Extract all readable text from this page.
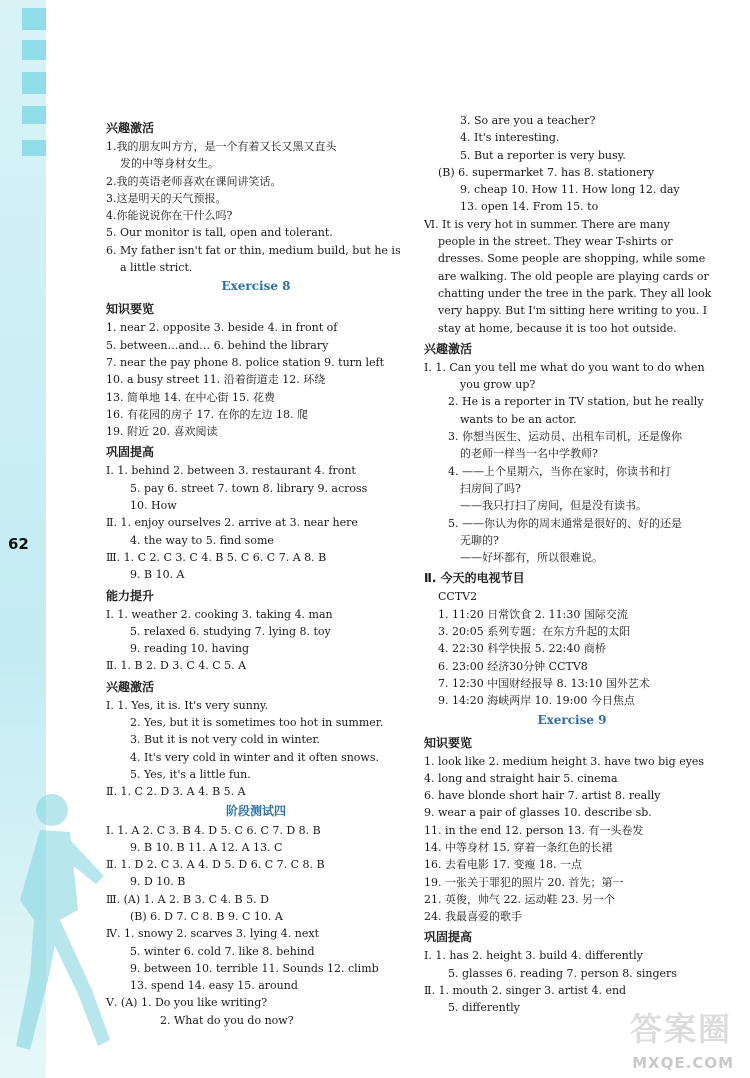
62
兴趣激活
1.我的朋友叫方方，是一个有着又长又黑又直头
发的中等身材女生。
2.我的英语老师喜欢在课间讲笑话。
3.这是明天的天气预报。
4.你能说说你在干什么吗?
5. Our monitor is tall, open and tolerant.
6. My father isn't fat or thin, medium build, but he is
a little strict.
Exercise 8
知识要览
1. near 2. opposite 3. beside 4. in front of
5. between…and… 6. behind the library
7. near the pay phone 8. police station 9. turn left
10. a busy street 11. 沿着街道走 12. 环绕
13. 简单地 14. 在中心街 15. 花费
16. 有花园的房子 17. 在你的左边 18. 爬
19. 附近 20. 喜欢阅读
巩固提高
Ⅰ. 1. behind 2. between 3. restaurant 4. front
5. pay 6. street 7. town 8. library 9. across
10. How
Ⅱ. 1. enjoy ourselves 2. arrive at 3. near here
4. the way to 5. find some
Ⅲ. 1. C 2. C 3. C 4. B 5. C 6. C 7. A 8. B
9. B 10. A
能力提升
Ⅰ. 1. weather 2. cooking 3. taking 4. man
5. relaxed 6. studying 7. lying 8. toy
9. reading 10. having
Ⅱ. 1. B 2. D 3. C 4. C 5. A
兴趣激活
Ⅰ. 1. Yes, it is. It's very sunny.
2. Yes, but it is sometimes too hot in summer.
3. But it is not very cold in winter.
4. It's very cold in winter and it often snows.
5. Yes, it's a little fun.
Ⅱ. 1. C 2. D 3. A 4. B 5. A
阶段测试四
Ⅰ. 1. A 2. C 3. B 4. D 5. C 6. C 7. D 8. B
9. B 10. B 11. A 12. A 13. C
Ⅱ. 1. D 2. C 3. A 4. D 5. D 6. C 7. C 8. B
9. D 10. B
Ⅲ. (A) 1. A 2. B 3. C 4. B 5. D
(B) 6. D 7. C 8. B 9. C 10. A
Ⅳ. 1. snowy 2. scarves 3. lying 4. next
5. winter 6. cold 7. like 8. behind
9. between 10. terrible 11. Sounds 12. climb
13. spend 14. easy 15. around
Ⅴ. (A) 1. Do you like writing?
2. What do you do now?
3. So are you a teacher?
4. It's interesting.
5. But a reporter is very busy.
(B) 6. supermarket 7. has 8. stationery
9. cheap 10. How 11. How long 12. day
13. open 14. From 15. to
Ⅵ. It is very hot in summer. There are many
people in the street. They wear T-shirts or
dresses. Some people are shopping, while some
are walking. The old people are playing cards or
chatting under the tree in the park. They all look
very happy. But I'm sitting here writing to you. I
stay at home, because it is too hot outside.
兴趣激活
Ⅰ. 1. Can you tell me what do you want to do when
you grow up?
2. He is a reporter in TV station, but he really
wants to be an actor.
3. 你想当医生、运动员、出租车司机，还是像你
的老师一样当一名中学教师?
4. ——上个星期六，当你在家时，你读书和打
扫房间了吗?
——我只打扫了房间，但是没有读书。
5. ——你认为你的周末通常是很好的、好的还是
无聊的?
——好坏都有，所以很难说。
Ⅱ. 今天的电视节目
CCTV2
1. 11:20 日常饮食 2. 11:30 国际交流
3. 20:05 系列专题：在东方升起的太阳
4. 22:30 科学快报 5. 22:40 商桥
6. 23:00 经济30分钟 CCTV8
7. 12:30 中国财经报导 8. 13:10 国外艺术
9. 14:20 海峡两岸 10. 19:00 今日焦点
Exercise 9
知识要览
1. look like 2. medium height 3. have two big eyes
4. long and straight hair 5. cinema
6. have blonde short hair 7. artist 8. really
9. wear a pair of glasses 10. describe sb.
11. in the end 12. person 13. 有一头卷发
14. 中等身材 15. 穿着一条红色的长裙
16. 去看电影 17. 变瘦 18. 一点
19. 一张关于罪犯的照片 20. 首先；第一
21. 英俊，帅气 22. 运动鞋 23. 另一个
24. 我最喜爱的歌手
巩固提高
Ⅰ. 1. has 2. height 3. build 4. differently
5. glasses 6. reading 7. person 8. singers
Ⅱ. 1. mouth 2. singer 3. artist 4. end
5. differently
答案圈
MXQE.COM
